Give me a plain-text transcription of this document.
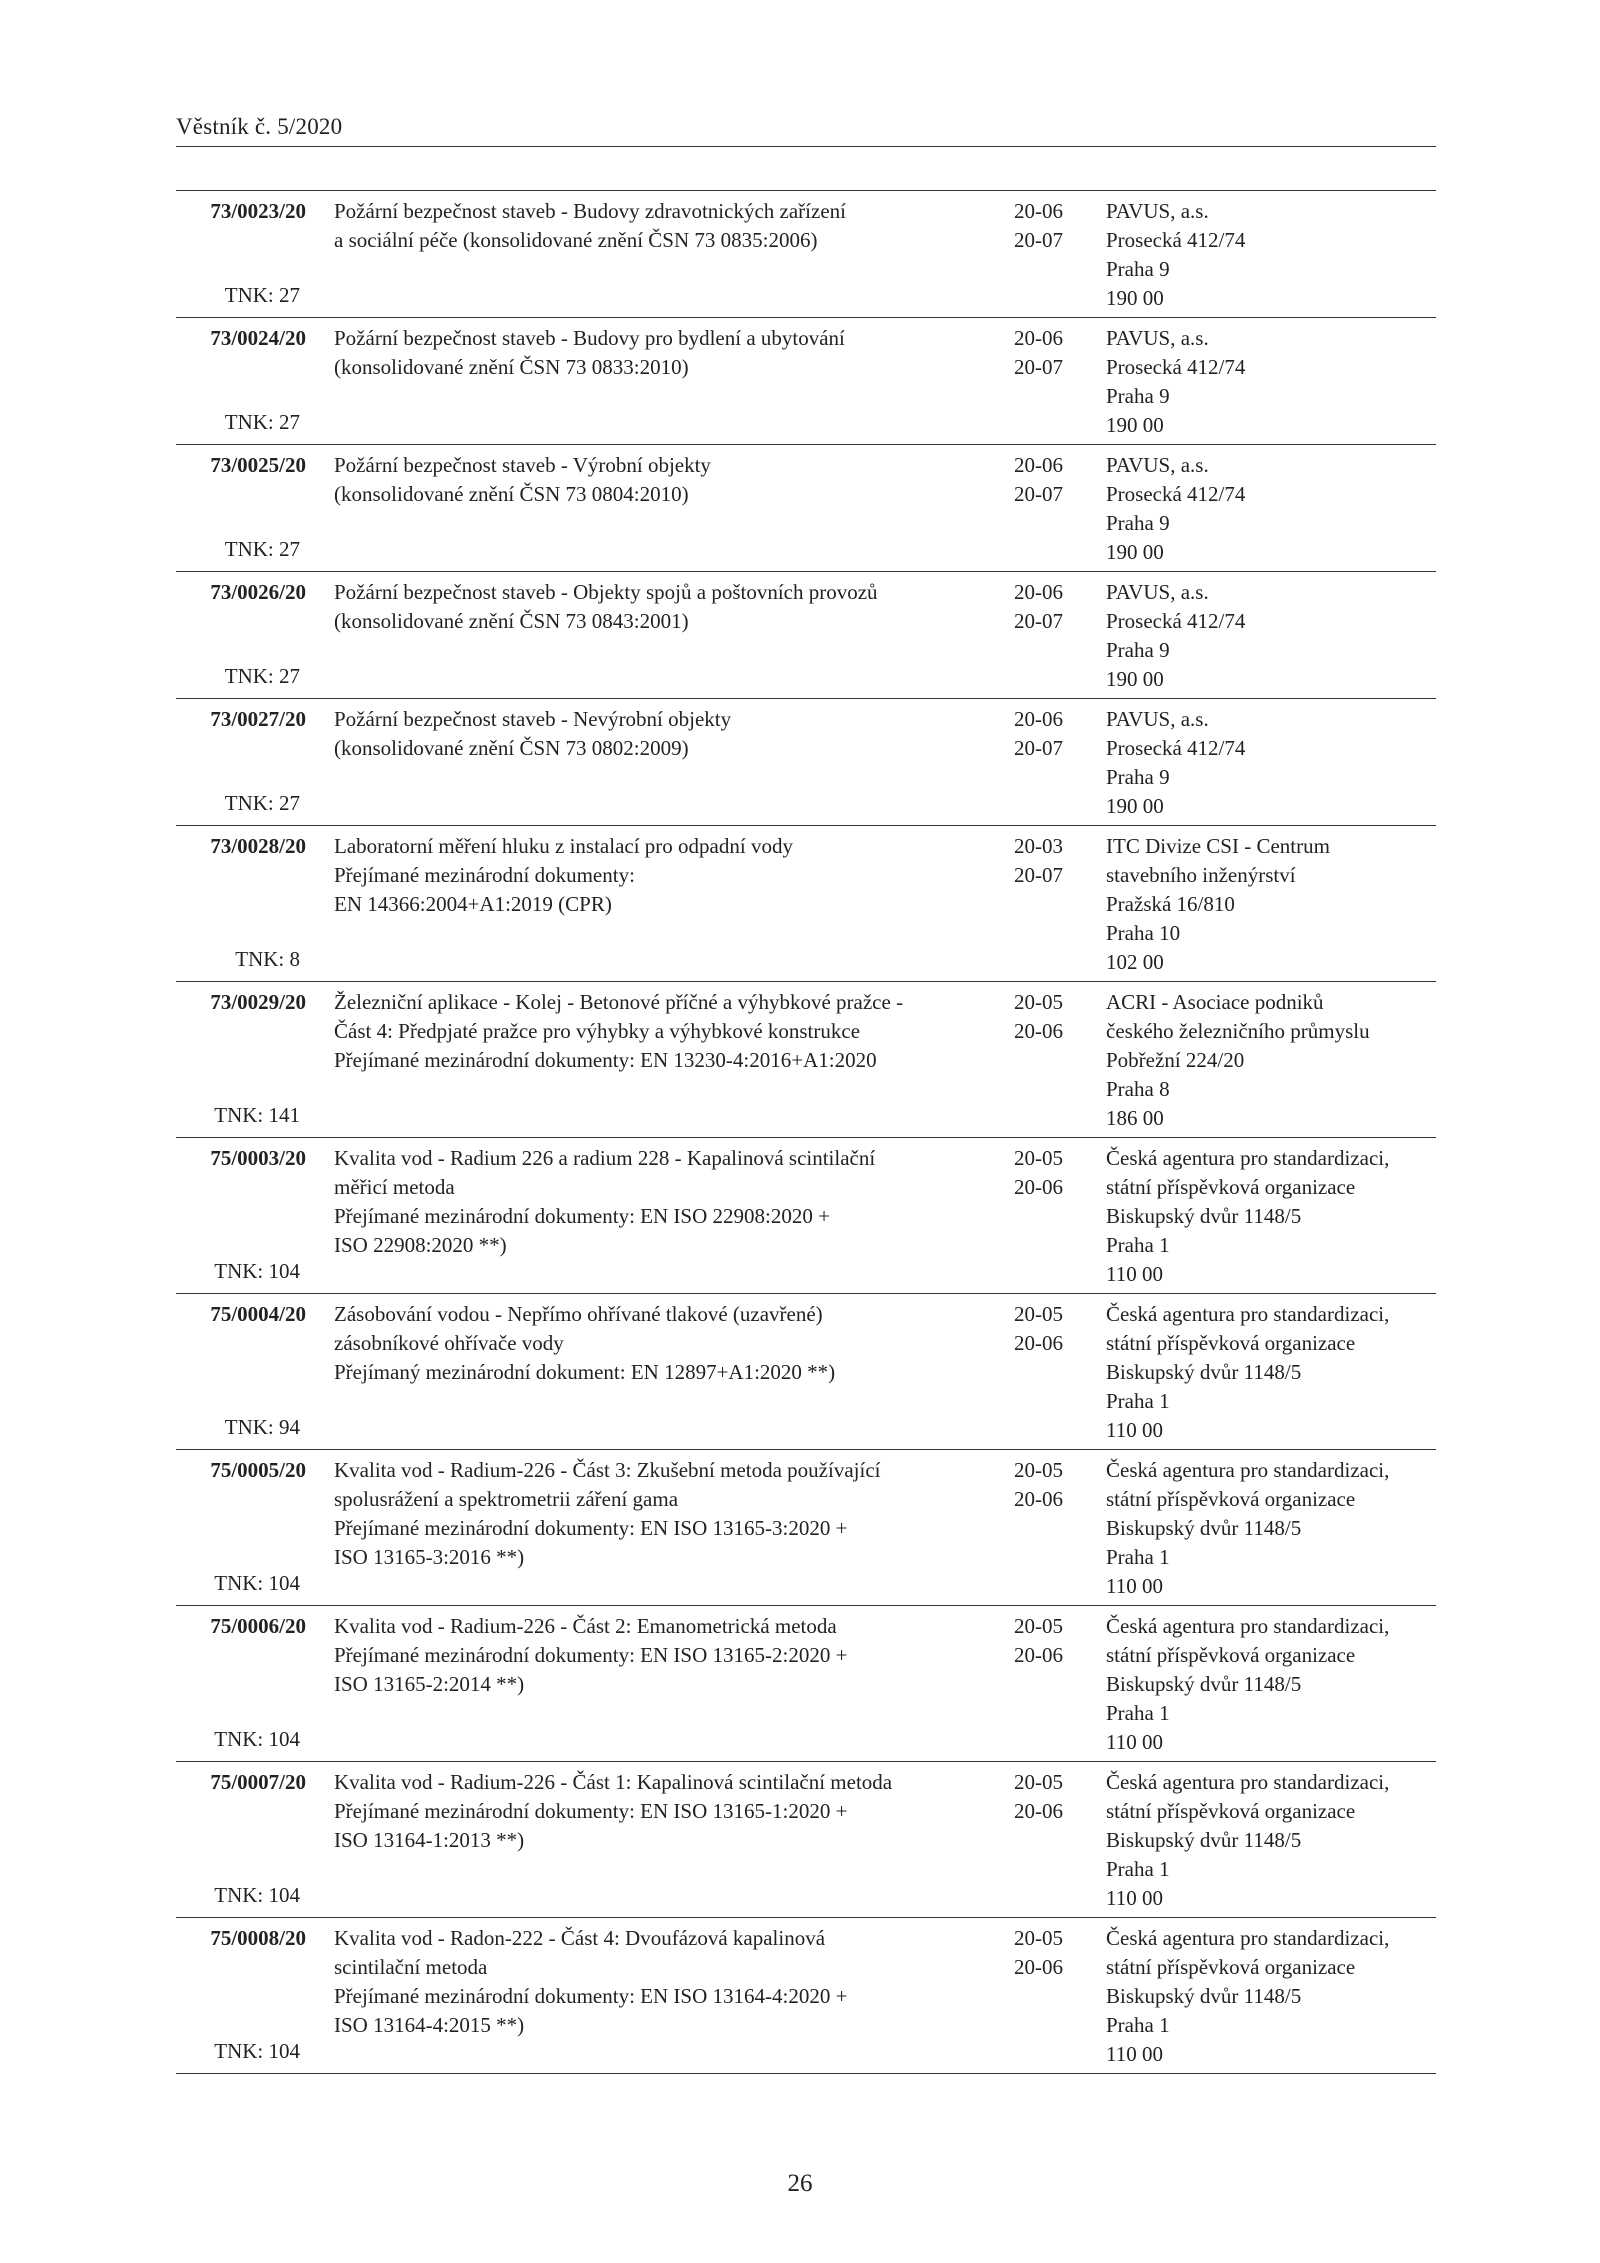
Věstník č. 5/2020
73/0023/20
TNK: 27
Požární bezpečnost staveb - Budovy zdravotnických zařízení
a sociální péče (konsolidované znění ČSN 73 0835:2006)
20-06
20-07
PAVUS, a.s.
Prosecká 412/74
Praha 9
190 00
73/0024/20
TNK: 27
Požární bezpečnost staveb - Budovy pro bydlení a ubytování
(konsolidované znění ČSN 73 0833:2010)
20-06
20-07
PAVUS, a.s.
Prosecká 412/74
Praha 9
190 00
73/0025/20
TNK: 27
Požární bezpečnost staveb - Výrobní objekty
(konsolidované znění ČSN 73 0804:2010)
20-06
20-07
PAVUS, a.s.
Prosecká 412/74
Praha 9
190 00
73/0026/20
TNK: 27
Požární bezpečnost staveb - Objekty spojů a poštovních provozů
(konsolidované znění ČSN 73 0843:2001)
20-06
20-07
PAVUS, a.s.
Prosecká 412/74
Praha 9
190 00
73/0027/20
TNK: 27
Požární bezpečnost staveb - Nevýrobní objekty
(konsolidované znění ČSN 73 0802:2009)
20-06
20-07
PAVUS, a.s.
Prosecká 412/74
Praha 9
190 00
73/0028/20
TNK: 8
Laboratorní měření hluku z instalací pro odpadní vody
Přejímané mezinárodní dokumenty:
EN 14366:2004+A1:2019 (CPR)
20-03
20-07
ITC Divize CSI - Centrum
stavebního inženýrství
Pražská 16/810
Praha 10
102 00
73/0029/20
TNK: 141
Železniční aplikace - Kolej - Betonové příčné a výhybkové pražce -
Část 4: Předpjaté pražce pro výhybky a výhybkové konstrukce
Přejímané mezinárodní dokumenty: EN 13230-4:2016+A1:2020
20-05
20-06
ACRI - Asociace podniků
českého železničního průmyslu
Pobřežní 224/20
Praha 8
186 00
75/0003/20
TNK: 104
Kvalita vod - Radium 226 a radium 228 - Kapalinová scintilační
měřicí metoda
Přejímané mezinárodní dokumenty: EN ISO 22908:2020 +
ISO 22908:2020 **)
20-05
20-06
Česká agentura pro standardizaci,
státní příspěvková organizace
Biskupský dvůr 1148/5
Praha 1
110 00
75/0004/20
TNK: 94
Zásobování vodou - Nepřímo ohřívané tlakové (uzavřené)
zásobníkové ohřívače vody
Přejímaný mezinárodní dokument: EN 12897+A1:2020 **)
20-05
20-06
Česká agentura pro standardizaci,
státní příspěvková organizace
Biskupský dvůr 1148/5
Praha 1
110 00
75/0005/20
TNK: 104
Kvalita vod - Radium-226 - Část 3: Zkušební metoda používající
spolusrážení a spektrometrii záření gama
Přejímané mezinárodní dokumenty: EN ISO 13165-3:2020 +
ISO 13165-3:2016 **)
20-05
20-06
Česká agentura pro standardizaci,
státní příspěvková organizace
Biskupský dvůr 1148/5
Praha 1
110 00
75/0006/20
TNK: 104
Kvalita vod - Radium-226 - Část 2: Emanometrická metoda
Přejímané mezinárodní dokumenty: EN ISO 13165-2:2020 +
ISO 13165-2:2014 **)
20-05
20-06
Česká agentura pro standardizaci,
státní příspěvková organizace
Biskupský dvůr 1148/5
Praha 1
110 00
75/0007/20
TNK: 104
Kvalita vod - Radium-226 - Část 1: Kapalinová scintilační metoda
Přejímané mezinárodní dokumenty: EN ISO 13165-1:2020 +
ISO 13164-1:2013 **)
20-05
20-06
Česká agentura pro standardizaci,
státní příspěvková organizace
Biskupský dvůr 1148/5
Praha 1
110 00
75/0008/20
TNK: 104
Kvalita vod - Radon-222 - Část 4: Dvoufázová kapalinová
scintilační metoda
Přejímané mezinárodní dokumenty: EN ISO 13164-4:2020 +
ISO 13164-4:2015 **)
20-05
20-06
Česká agentura pro standardizaci,
státní příspěvková organizace
Biskupský dvůr 1148/5
Praha 1
110 00
26
